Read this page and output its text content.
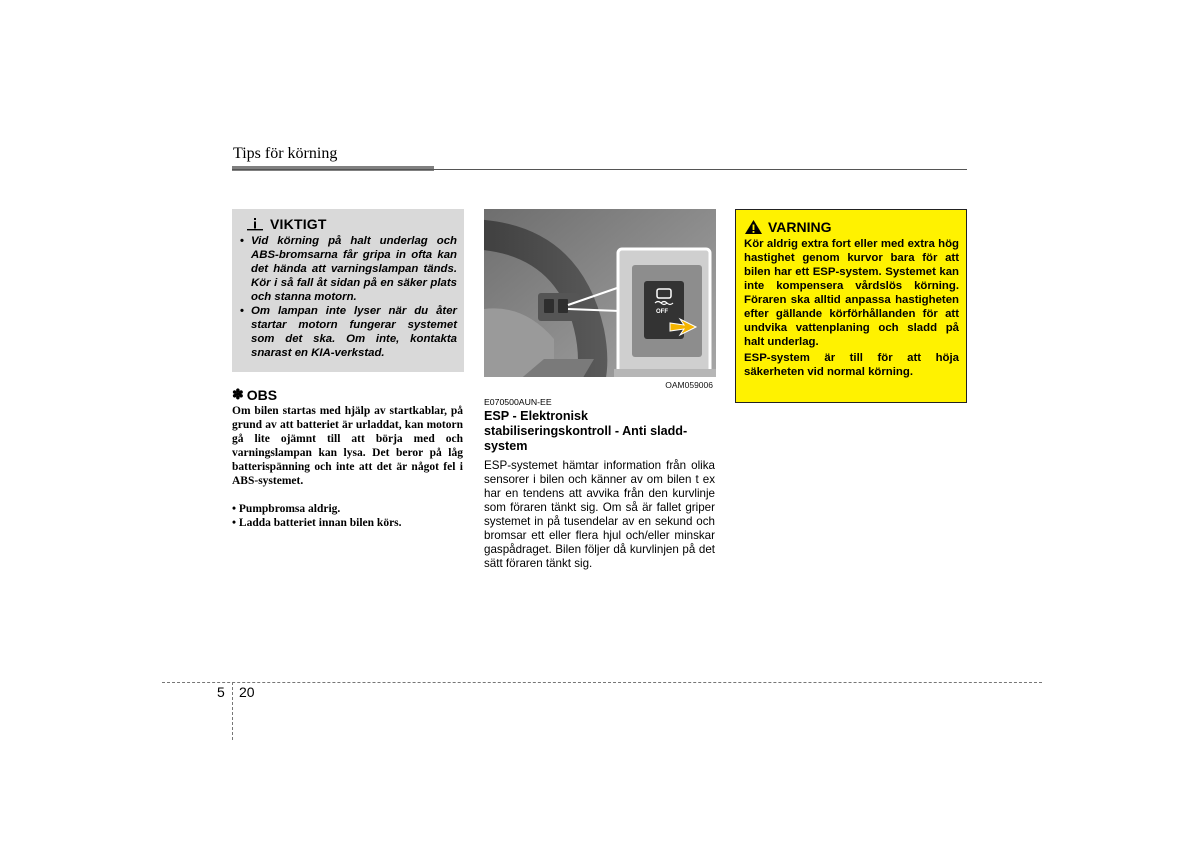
Tips för körning
VIKTIGT
• Vid körning på halt underlag och ABS-bromsarna får gripa in ofta kan det hända att varningslampan tänds. Kör i så fall åt sidan på en säker plats och stanna motorn.
• Om lampan inte lyser när du åter startar motorn fungerar systemet som det ska. Om inte, kontakta snarast en KIA-verkstad.
✽ OBS

Om bilen startas med hjälp av startkablar, på grund av att batteriet är urladdat, kan motorn gå lite ojämnt till att börja med och varningslampan kan lysa. Det beror på låg batterispänning och inte att det är något fel i ABS-systemet.

• Pumpbromsa aldrig.
• Ladda batteriet innan bilen körs.
OFF
OAM059006
E070500AUN-EE
ESP - Elektronisk stabiliseringskontroll - Anti sladd-system

ESP-systemet hämtar information från olika sensorer i bilen och känner av om bilen t ex har en tendens att avvika från den kurvlinje som föraren tänkt sig. Om så är fallet griper systemet in på tusendelar av en sekund och bromsar ett eller flera hjul och/eller minskar gaspådraget. Bilen följer då kurvlinjen på det sätt föraren tänkt sig.

VARNING

Kör aldrig extra fort eller med extra hög hastighet genom kurvor bara för att bilen har ett ESP-system. Systemet kan inte kompensera vårdslös körning. Föraren ska alltid anpassa hastigheten efter gällande körförhållanden för att undvika vattenplaning och sladd på halt underlag.

ESP-system är till för att höja säkerheten vid normal körning.

5 20
